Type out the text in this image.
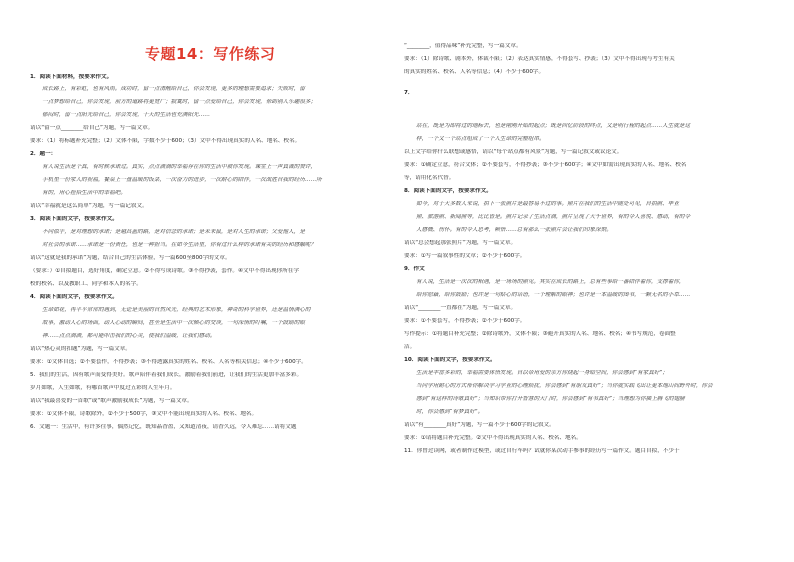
专题14：写作练习
1．阅读下面材料，按要求作文。
成长路上，有彩虹，也有风雨。成功时，留一点清醒给自己，你会发现，更多的理想需要追求；失败时，留
一点梦想给自己，你会发现，前方的道路将更宽广；寂寞时，留一点爱给自己，你会发现，帮助别人乐趣很多；
郁闷时，留一点阳光给自己，你会发现，干天的生活也充满阳光……
请以“留一点________给自己”为题，写一篇文章。
要求：（1）将标题补充完整；（2）文体不限，字数不少于600；（3）文中不得出现真实的人名、地名、校名。
2．题一：
有人说生活是个真，有时候承诺过。真实，点点滴滴的幸福存在你的生活中被你发现。课室上一声真诚的赞许，
手机里一份家人的祝福，餐桌上一盘温暖的饭菜，一次奋力的进步，一次耐心的陪伴，一次战胜自我的经历……所
有的，用心捡拾生活中的幸福吧。
请以“幸福就是这么简单”为题，写一篇记叙文。
3．阅读下面的文字，按要求作文。
不同似乎，是对理想的承诺；是越昌蓝的路，是对信念的承诺；是未来鼠，是对人生的承诺；父爱他人，是
对社会的承诺……承诺是一份责任，也是一种担当。在如今生活里，你有过什么样的承诺有关的经历和感触呢？
请以“这就是我的承诺”为题，结合自己的生活体验，写一篇600至800字的文章。
（要求：）①自拟题目，选好角度，确定立意。②不得写成诗歌。③不得抄袭，套作。④文中不得出现你所在学
校的校名、以及教职工、同学和本人的名字。
4．阅读下面的文字，按要求作文。
生命如花，再平平常常的遇到，无论是美丽的自然风光，经典的艺术形象，神奇的科学世界，还是温情满心的
故事，激动人心的场面，动人心动的瞬间，甚至是生活中一次倾心的交谈，一句深情的叮嘱，一个鼓励的眼
神……点点滴滴，都可能叩击我们的心灵，使我们温暖，让我们感动。
请以“热心灵的扣题”为题，写一篇文章。
要求：①文体自选；②不要套作，不得抄袭；③不得透露真实的姓名、校名、人名等相关信息；④不少于600字。
5．我们的生活，因有歌声而变得美好。歌声陪伴着我们成长，激励着我们前进，让我们的生活更加丰富多彩。
岁月如歌，人生如歌，有哪首歌声中度过五彩的人生年月。
请以“我最喜爱的一首歌”或“歌声激励我成长”为题，写一篇文章。
要求：①文体不限，诗歌除外，②不少于500字，③文中不能出现真实的人名、校名、地名。
6．文题一：生活中，有许多往事，偶然记忆，既知晶香盈，又知道清夜，请香久远，令人难忘……请将文题
“________，值得品味”补充完整，写一篇文章。
要求：（1）除诗歌、剧本外，体裁不限；（2）表达真实情感，不得套写、抄袭；（3）文中不得出现与考生有关
的真实的姓名、校名、人名等信息；（4）不少于600字。
7．
站在，既是为即将过的地标去，也是刚刚开始的起点；既是回忆阶段的终点，又是明行程的起点……人生就是这
样，一个又一个站点组成了一个人生命的完整组串。
以上文字给你什么联想或感悟，请以“每个站点都有风景”为题，写一篇记叙文或议论文。
要求：①确定立意，符合文体；②不要套写，不得抄袭；③不少于600字；④文中如需出现真实的人名、地名、校名
等，请用化名代替。
8．阅读下面的文字，按要求作文。
如今，对于大多数人来说，拍下一张照片是最容易不过的事。照片在我们的生活中随处可见，自拍照、毕业
照、旅游照、新闻照等，比比皆是。照片记录了生活点滴，照片呈现了大千世界，有的令人喜悦、感动，有的令
人感慨、伤怀。有的令人思考，顿悟……总有那么一张照片会让我们印象深刻。
请以“总会想起那张照片”为题，写一篇文章。
要求：①写一篇叙事性的文章；②不少于600字。
9．作文
有人说，生活是一次次的相遇，是一场场的照见。其实在成长的路上，总有些事给一番陪伴着你，支撑着你，
给你慰藉，给你鼓励；也许是一句贴心的话语，一个理解的眼神；也许是一本温暖的图书，一颗无名的小草……
请以“________一直都在”为题，写一篇文章。
要求：①不要套写，不得抄袭；②不少于600字。
写作提示：①将题目补充完整；②除诗歌外，文体不限；③避开真实的人名、地名、校名；④书写规范，卷面整
洁。
10．阅读下面的文字，按要求作文。
生活是丰富多彩的，幸福需要体悟发现。自以帝用爱的亲方你烧起一身暗空间，你会感到“有家真好”；
当同学用耐心的方式帮你解决学习学业的心理烦扰，你会感到“有朋友真好”；当你就实践飞出让更本地山间野外时，你会
感到“有这样的诗歌真好”；当知识带你打开智慧的大门时，你会感到“有书真好”；当理想为你插上腾飞的翅膀
时，你会感到“有梦真好”。
请以“有________真好”为题，写一篇不少于600字的记叙文。
要求：①请将题目补充完整。②文中不得出现真实的人名、校名、地名。
11．你曾过读网，或者制作过模型，或过自行车吗？试就你某次动手参事的经历写一篇作文。题目自拟，不少于
